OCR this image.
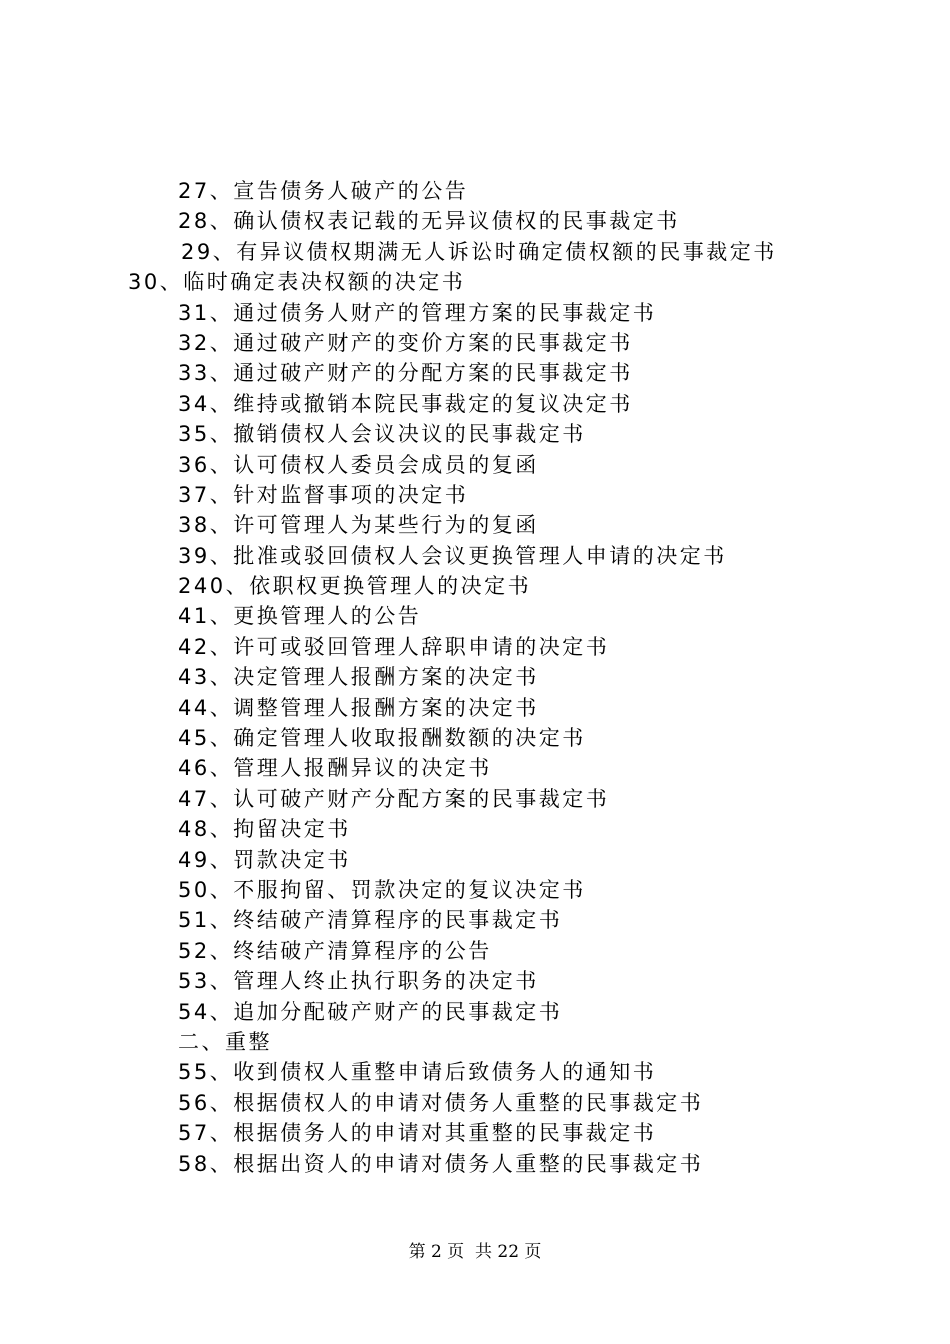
27、宣告债务人破产的公告
28、确认债权表记载的无异议债权的民事裁定书
29、有异议债权期满无人诉讼时确定债权额的民事裁定书
30、临时确定表决权额的决定书
31、通过债务人财产的管理方案的民事裁定书
32、通过破产财产的变价方案的民事裁定书
33、通过破产财产的分配方案的民事裁定书
34、维持或撤销本院民事裁定的复议决定书
35、撤销债权人会议决议的民事裁定书
36、认可债权人委员会成员的复函
37、针对监督事项的决定书
38、许可管理人为某些行为的复函
39、批准或驳回债权人会议更换管理人申请的决定书
240、依职权更换管理人的决定书
41、更换管理人的公告
42、许可或驳回管理人辞职申请的决定书
43、决定管理人报酬方案的决定书
44、调整管理人报酬方案的决定书
45、确定管理人收取报酬数额的决定书
46、管理人报酬异议的决定书
47、认可破产财产分配方案的民事裁定书
48、拘留决定书
49、罚款决定书
50、不服拘留、罚款决定的复议决定书
51、终结破产清算程序的民事裁定书
52、终结破产清算程序的公告
53、管理人终止执行职务的决定书
54、追加分配破产财产的民事裁定书
二、重整
55、收到债权人重整申请后致债务人的通知书
56、根据债权人的申请对债务人重整的民事裁定书
57、根据债务人的申请对其重整的民事裁定书
58、根据出资人的申请对债务人重整的民事裁定书
第 2 页  共 22 页
